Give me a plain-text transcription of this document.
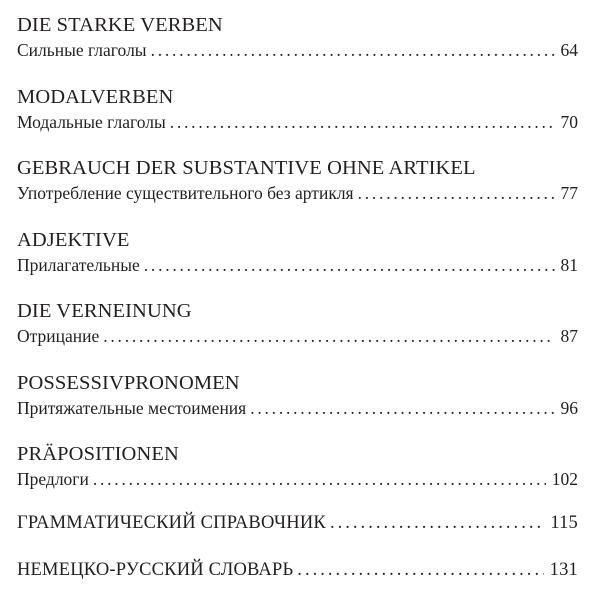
DIE STARKE VERBEN
Сильные глаголы . . .	64
MODALVERBEN
Модальные глаголы . . .	70
GEBRAUCH DER SUBSTANTIVE OHNE ARTIKEL
Употребление существительного без артикля . . .	77
ADJEKTIVE
Прилагательные . . .	81
DIE VERNEINUNG
Отрицание . . .	87
POSSESSIVPRONOMEN
Притяжательные местоимения . . .	96
PRÄPOSITIONEN
Предлоги . . .	102
ГРАММАТИЧЕСКИЙ СПРАВОЧНИК . . .	115
НЕМЕЦКО-РУССКИЙ СЛОВАРЬ . . .	131
